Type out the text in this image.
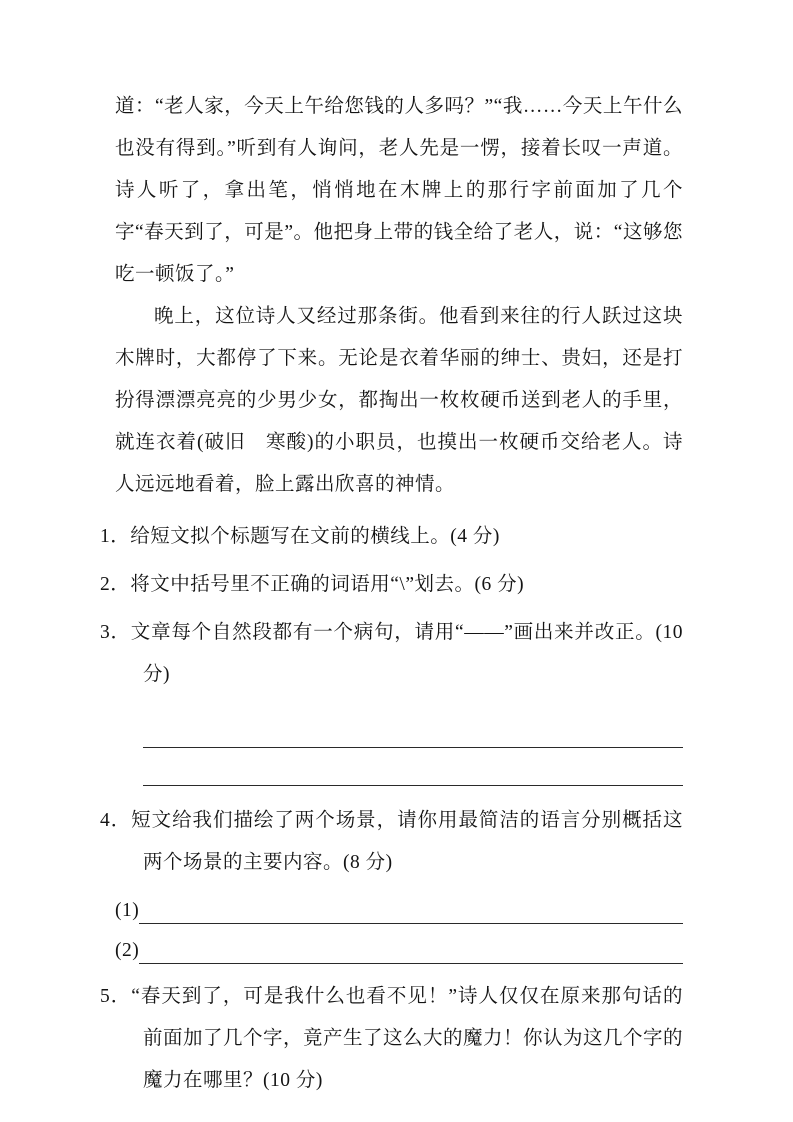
道：“老人家，今天上午给您钱的人多吗？”“我……今天上午什么也没有得到。”听到有人询问，老人先是一愣，接着长叹一声道。诗人听了，拿出笔，悄悄地在木牌上的那行字前面加了几个字“春天到了，可是”。他把身上带的钱全给了老人，说：“这够您吃一顿饭了。”

晚上，这位诗人又经过那条街。他看到来往的行人跃过这块木牌时，大都停了下来。无论是衣着华丽的绅士、贵妇，还是打扮得漂漂亮亮的少男少女，都掏出一枚枚硬币送到老人的手里，就连衣着(破旧　寒酸)的小职员，也摸出一枚硬币交给老人。诗人远远地看着，脸上露出欣喜的神情。

1．给短文拟个标题写在文前的横线上。(4 分)

2．将文中括号里不正确的词语用“\”划去。(6 分)

3．文章每个自然段都有一个病句，请用“——”画出来并改正。(10分)

4．短文给我们描绘了两个场景，请你用最简洁的语言分别概括这两个场景的主要内容。(8 分)

(1)
(2)

5．“春天到了，可是我什么也看不见！”诗人仅仅在原来那句话的前面加了几个字，竟产生了这么大的魔力！你认为这几个字的魔力在哪里？(10 分)
